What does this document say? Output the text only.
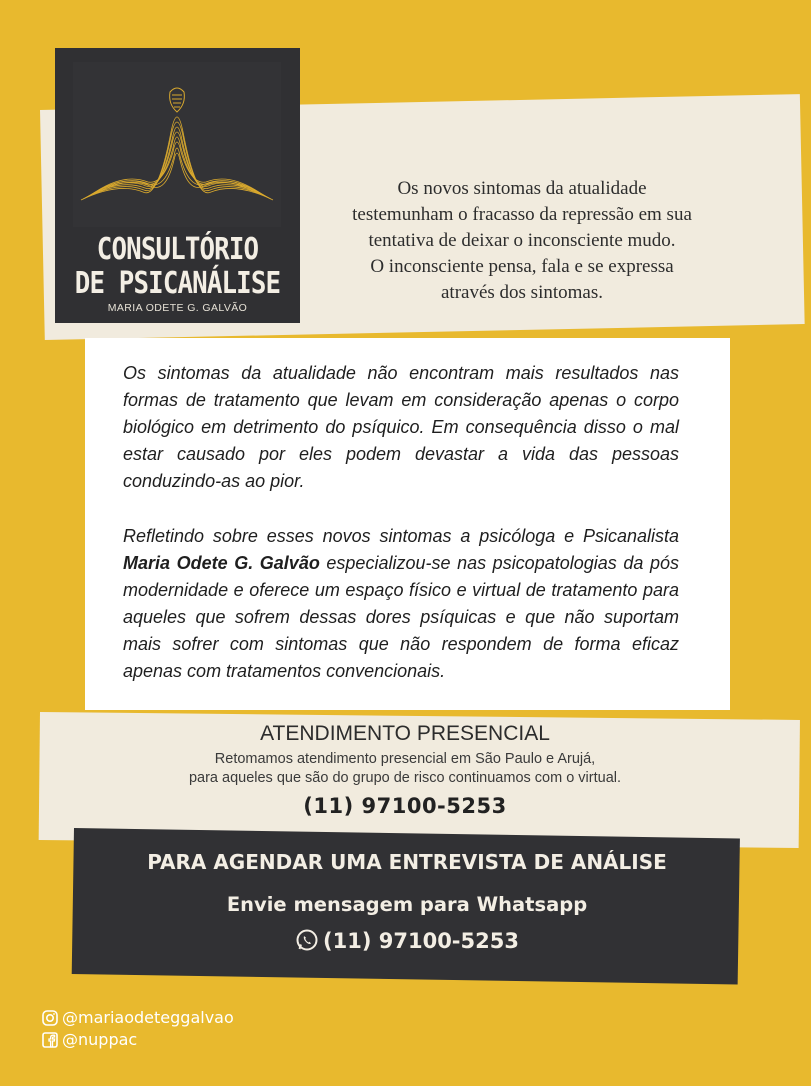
CONSULTÓRIO
DE PSICANÁLISE
MARIA ODETE G. GALVÃO
Os novos sintomas da atualidade
testemunham o fracasso da repressão em sua
tentativa de deixar o inconsciente mudo.
O inconsciente pensa, fala e se expressa
através dos sintomas.
Os sintomas da atualidade não encontram mais resultados nas formas de tratamento que levam em consideração apenas o corpo biológico em detrimento do psíquico. Em consequência disso o mal estar causado por eles podem devastar a vida das pessoas conduzindo-as ao pior.
Refletindo sobre esses novos sintomas a psicóloga e Psicanalista Maria Odete G. Galvão especializou-se nas psicopatologias da pós modernidade e oferece um espaço físico e virtual de tratamento para aqueles que sofrem dessas dores psíquicas e que não suportam mais sofrer com sintomas que não respondem de forma eficaz apenas com tratamentos convencionais.
ATENDIMENTO PRESENCIAL
Retomamos atendimento presencial em São Paulo e Arujá,
para aqueles que são do grupo de risco continuamos com o virtual.
(11) 97100-5253
PARA AGENDAR UMA ENTREVISTA DE ANÁLISE
Envie mensagem para Whatsapp
(11) 97100-5253
@mariaodeteggalvao
@nuppac
